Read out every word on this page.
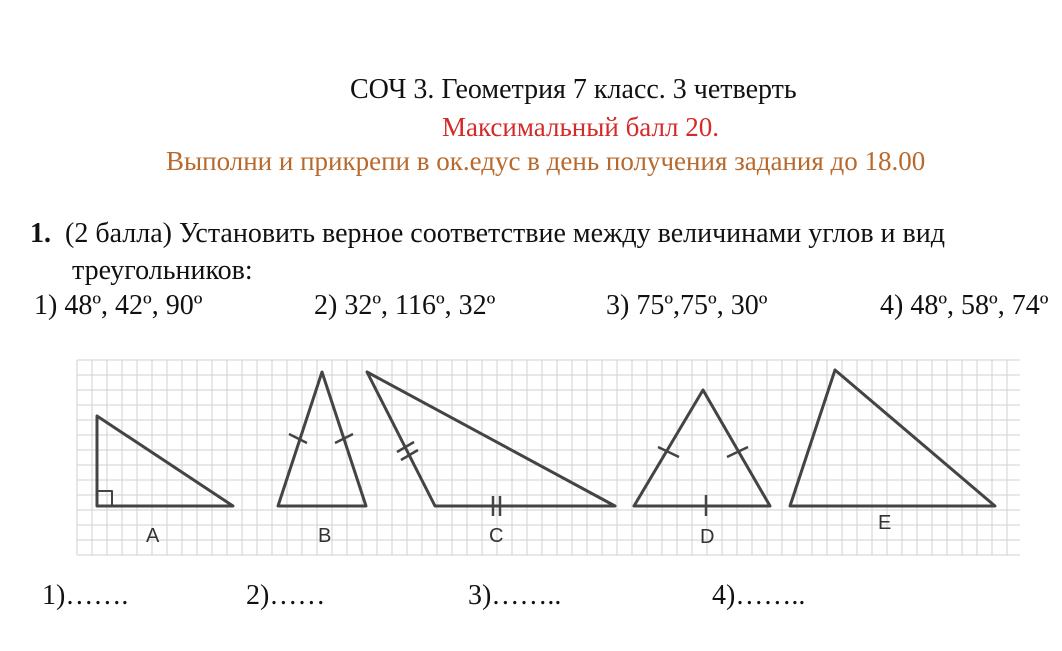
СОЧ 3. Геометрия 7 класс. 3 четверть
Максимальный балл 20.
Выполни и прикрепи в ок.едус в день получения задания до 18.00
1. (2 балла) Установить верное соответствие между величинами углов и вид
треугольников:
1) 48º, 42º, 90º	2) 32º, 116º, 32º	3) 75º,75º, 30º	4) 48º, 58º, 74º
A	B	C	D
E
1)…….	2)……	3)……..	4)……..
